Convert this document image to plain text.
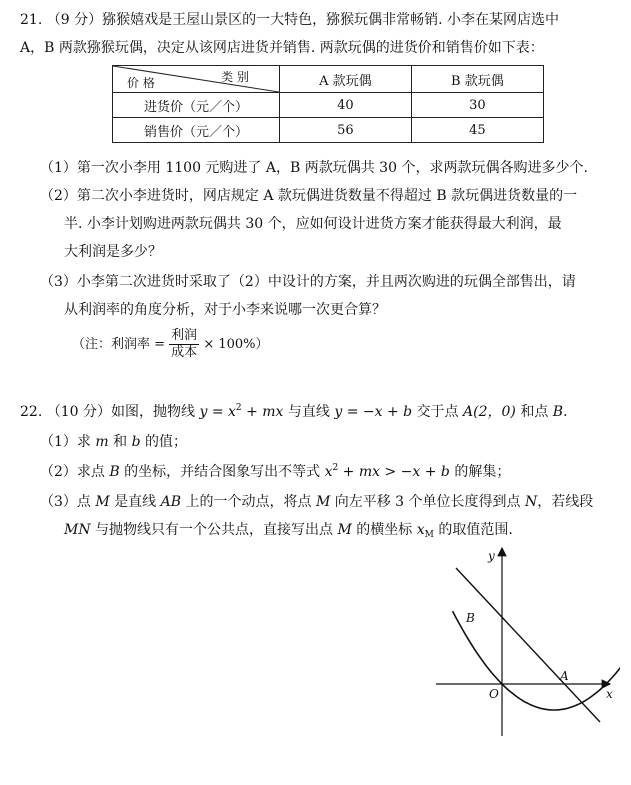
21. （9 分）猕猴嬉戏是王屋山景区的一大特色，猕猴玩偶非常畅销. 小李在某网店选中
A，B 两款猕猴玩偶，决定从该网店进货并销售. 两款玩偶的进货价和销售价如下表：
类 别
价 格	A 款玩偶	B 款玩偶
进货价（元／个）	40	30
销售价（元／个）	56	45
（1）第一次小李用 1100 元购进了 A，B 两款玩偶共 30 个，求两款玩偶各购进多少个.
（2）第二次小李进货时，网店规定 A 款玩偶进货数量不得超过 B 款玩偶进货数量的一
半. 小李计划购进两款玩偶共 30 个，应如何设计进货方案才能获得最大利润，最
大利润是多少？
（3）小李第二次进货时采取了（2）中设计的方案，并且两次购进的玩偶全部售出，请
从利润率的角度分析，对于小李来说哪一次更合算？
（注：利润率 = $\frac{\text{利润}}{\text{成本}} \times 100\%$）
22. （10 分）如图，抛物线 $y = x^2$ + mx 与直线 y = −x + b 交于点 A(2，0) 和点 B.
（1）求 m 和 b 的值；
（2）求点 B 的坐标，并结合图象写出不等式 $x^2$ + mx > −x + b 的解集；
（3）点 M 是直线 AB 上的一个动点，将点 M 向左平移 3 个单位长度得到点 N，若线段
MN 与抛物线只有一个公共点，直接写出点 M 的横坐标 $x_M$ 的取值范围.
x
y
O
A
B
